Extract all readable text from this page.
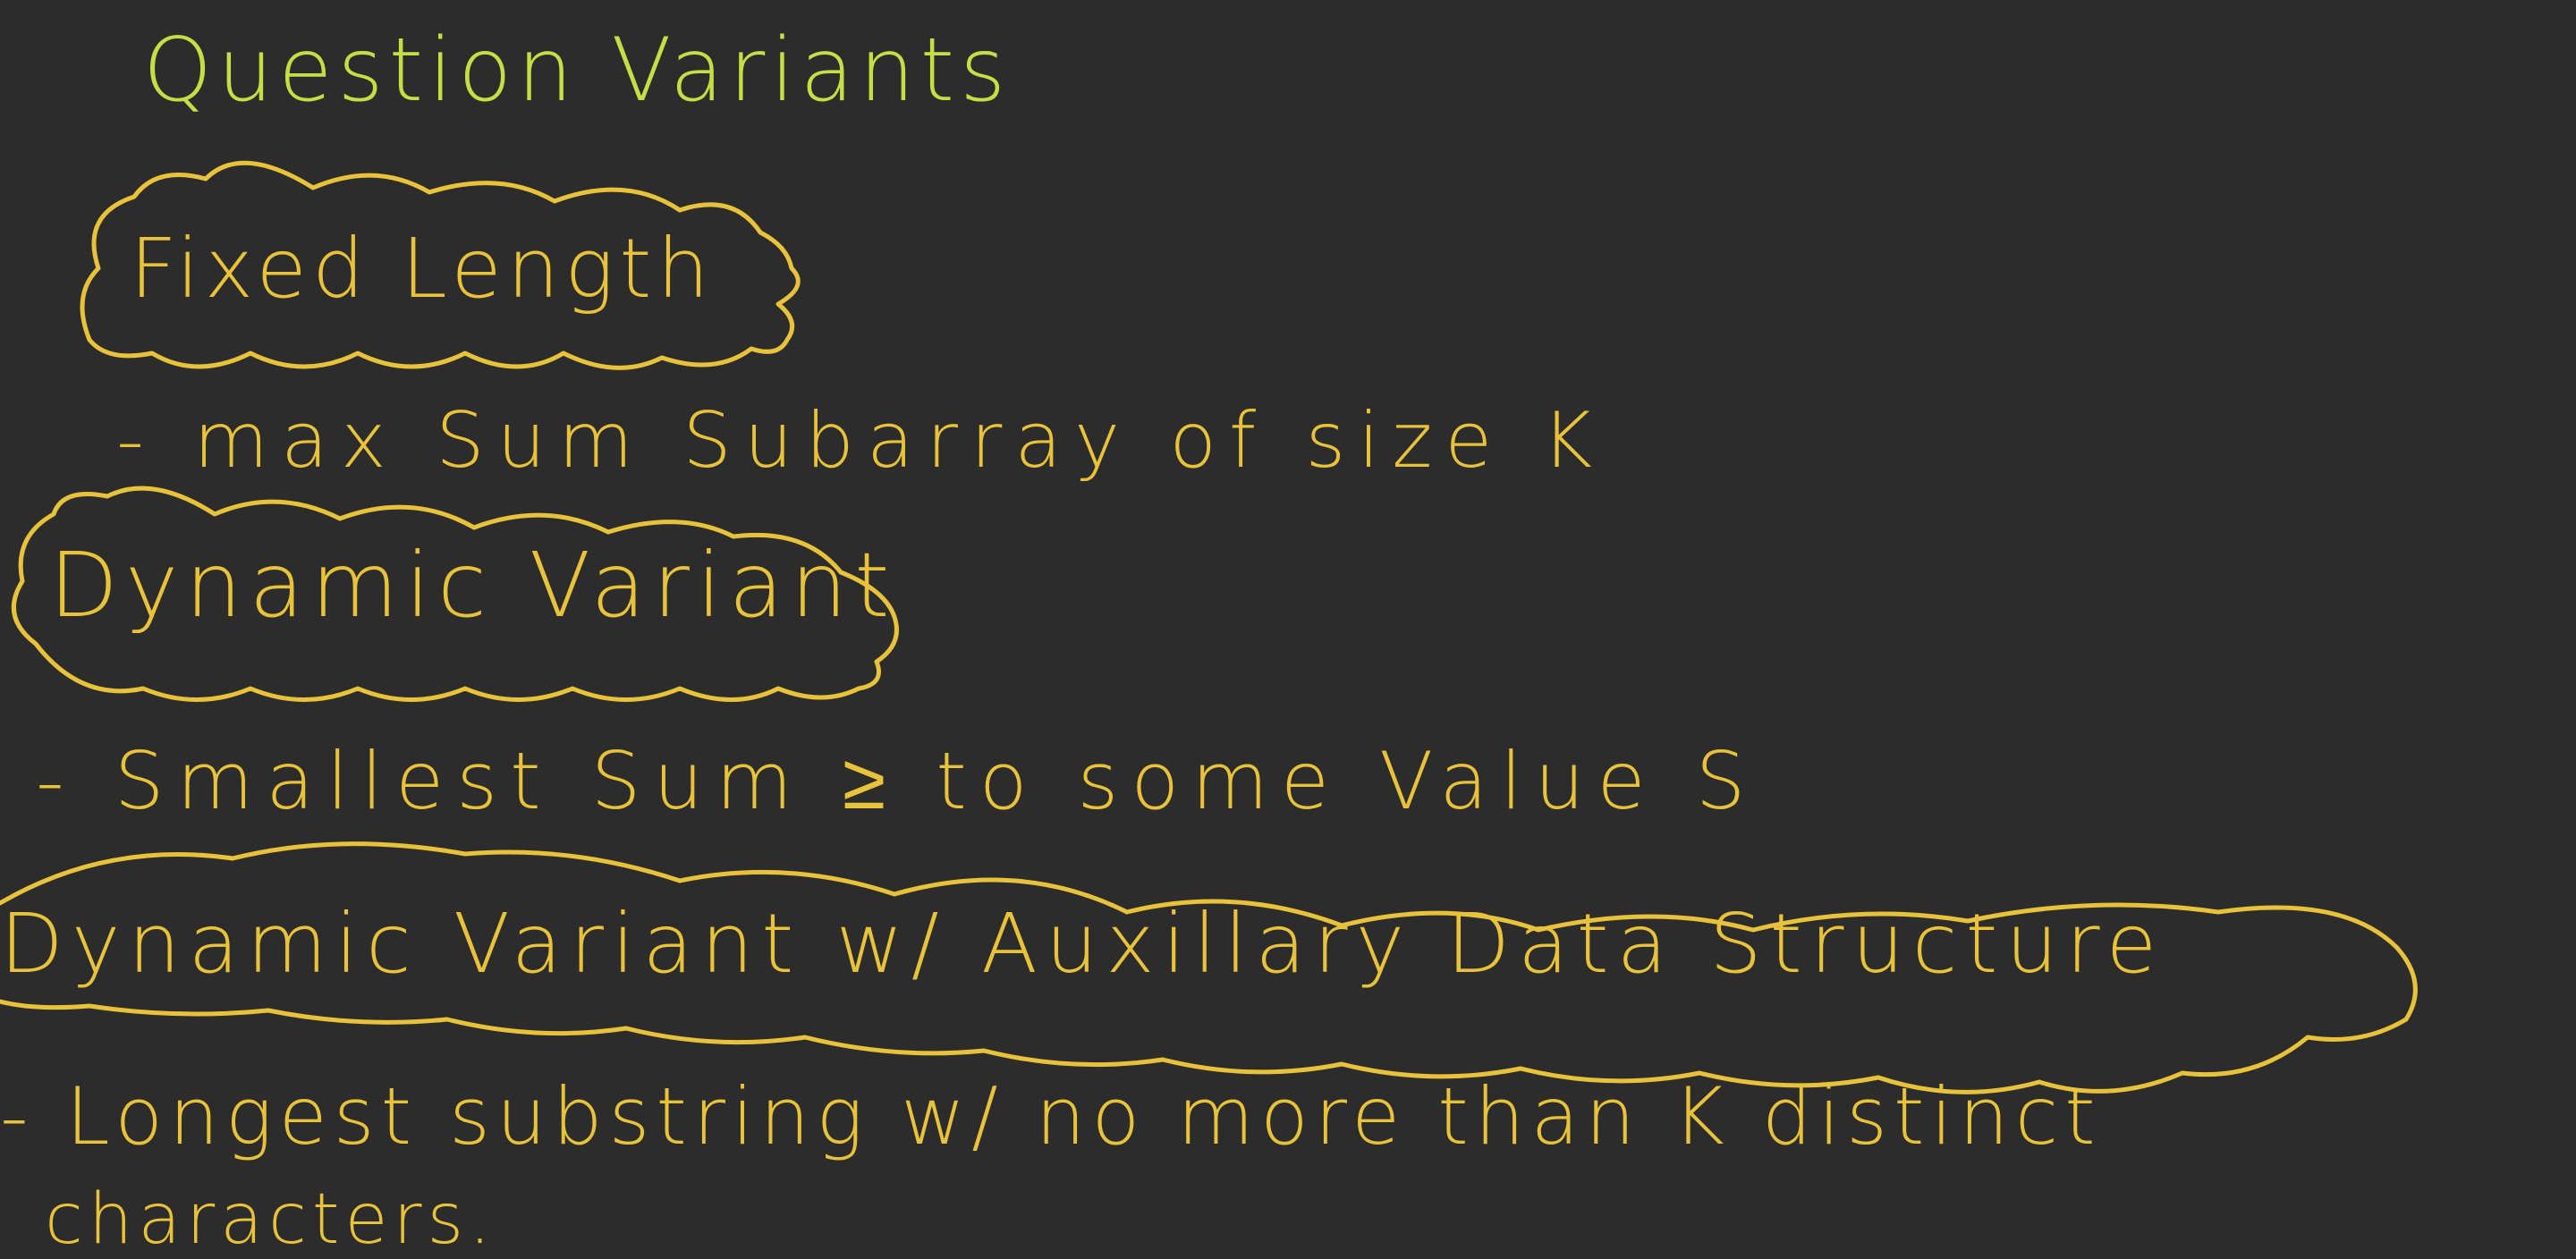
Question Variants
Fixed Length
- max Sum Subarray of size K
Dynamic Variant
- Smallest Sum ≥ to some Value S
Dynamic Variant w/ Auxillary Data Structure
- Longest substring w/ no more than K distinct
characters.
